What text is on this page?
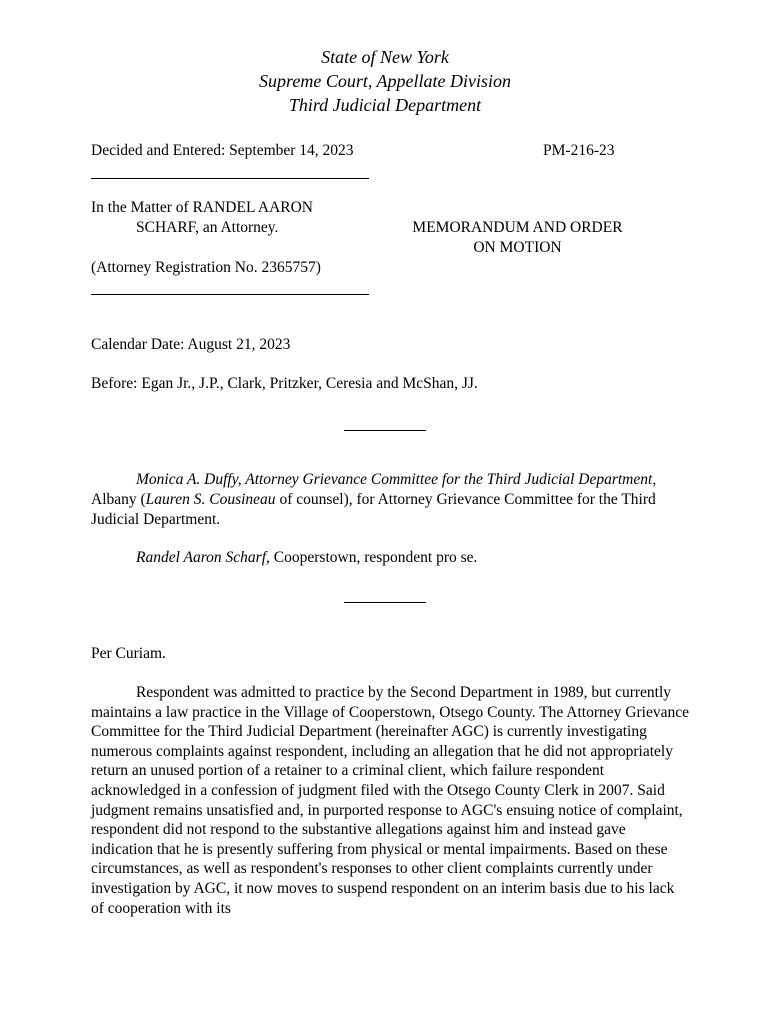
State of New York
Supreme Court, Appellate Division
Third Judicial Department
Decided and Entered: September 14, 2023	PM-216-23
In the Matter of RANDEL AARON
SCHARF, an Attorney.	MEMORANDUM AND ORDER
ON MOTION
(Attorney Registration No. 2365757)
Calendar Date: August 21, 2023
Before: Egan Jr., J.P., Clark, Pritzker, Ceresia and McShan, JJ.
Monica A. Duffy, Attorney Grievance Committee for the Third Judicial Department, Albany (Lauren S. Cousineau of counsel), for Attorney Grievance Committee for the Third Judicial Department.
Randel Aaron Scharf, Cooperstown, respondent pro se.
Per Curiam.
Respondent was admitted to practice by the Second Department in 1989, but currently maintains a law practice in the Village of Cooperstown, Otsego County. The Attorney Grievance Committee for the Third Judicial Department (hereinafter AGC) is currently investigating numerous complaints against respondent, including an allegation that he did not appropriately return an unused portion of a retainer to a criminal client, which failure respondent acknowledged in a confession of judgment filed with the Otsego County Clerk in 2007. Said judgment remains unsatisfied and, in purported response to AGC's ensuing notice of complaint, respondent did not respond to the substantive allegations against him and instead gave indication that he is presently suffering from physical or mental impairments. Based on these circumstances, as well as respondent's responses to other client complaints currently under investigation by AGC, it now moves to suspend respondent on an interim basis due to his lack of cooperation with its
